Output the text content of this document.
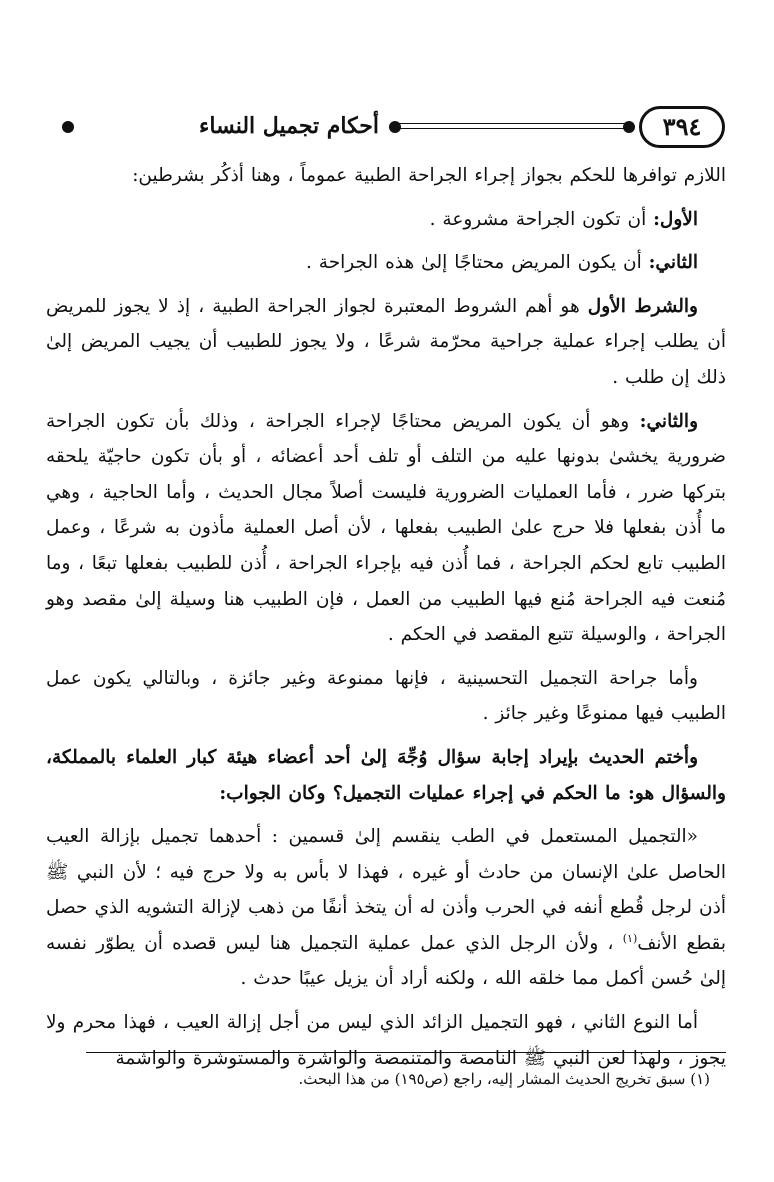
٣٩٤
أحكام تجميل النساء

اللازم توافرها للحكم بجواز إجراء الجراحة الطبية عموماً ، وهنا أذكُر بشرطين:

الأول: أن تكون الجراحة مشروعة .

الثاني: أن يكون المريض محتاجًا إلىٰ هذه الجراحة .

والشرط الأول هو أهم الشروط المعتبرة لجواز الجراحة الطبية ، إذ لا يجوز للمريض أن يطلب إجراء عملية جراحية محرّمة شرعًا ، ولا يجوز للطبيب أن يجيب المريض إلىٰ ذلك إن طلب .

والثاني: وهو أن يكون المريض محتاجًا لإجراء الجراحة ، وذلك بأن تكون الجراحة ضرورية يخشىٰ بدونها عليه من التلف أو تلف أحد أعضائه ، أو بأن تكون حاجيّة يلحقه بتركها ضرر ، فأما العمليات الضرورية فليست أصلاً مجال الحديث ، وأما الحاجية ، وهي ما أُذن بفعلها فلا حرج علىٰ الطبيب بفعلها ، لأن أصل العملية مأذون به شرعًا ، وعمل الطبيب تابع لحكم الجراحة ، فما أُذن فيه بإجراء الجراحة ، أُذن للطبيب بفعلها تبعًا ، وما مُنعت فيه الجراحة مُنع فيها الطبيب من العمل ، فإن الطبيب هنا وسيلة إلىٰ مقصد وهو الجراحة ، والوسيلة تتبع المقصد في الحكم .

وأما جراحة التجميل التحسينية ، فإنها ممنوعة وغير جائزة ، وبالتالي يكون عمل الطبيب فيها ممنوعًا وغير جائز .

وأختم الحديث بإيراد إجابة سؤال وُجِّهَ إلىٰ أحد أعضاء هيئة كبار العلماء بالمملكة، والسؤال هو: ما الحكم في إجراء عمليات التجميل؟ وكان الجواب:

«التجميل المستعمل في الطب ينقسم إلىٰ قسمين : أحدهما تجميل بإزالة العيب الحاصل علىٰ الإنسان من حادث أو غيره ، فهذا لا بأس به ولا حرج فيه ؛ لأن النبي ﷺ أذن لرجل قُطع أنفه في الحرب وأذن له أن يتخذ أنفًا من ذهب لإزالة التشويه الذي حصل بقطع الأنف$^{(١)}$ ، ولأن الرجل الذي عمل عملية التجميل هنا ليس قصده أن يطوّر نفسه إلىٰ حُسن أكمل مما خلقه الله ، ولكنه أراد أن يزيل عيبًا حدث .

أما النوع الثاني ، فهو التجميل الزائد الذي ليس من أجل إزالة العيب ، فهذا محرم ولا يجوز ، ولهذا لعن النبي ﷺ النامصة والمتنمصة والواشرة والمستوشرة والواشمة

(١) سبق تخريج الحديث المشار إليه، راجع (ص١٩٥) من هذا البحث.
